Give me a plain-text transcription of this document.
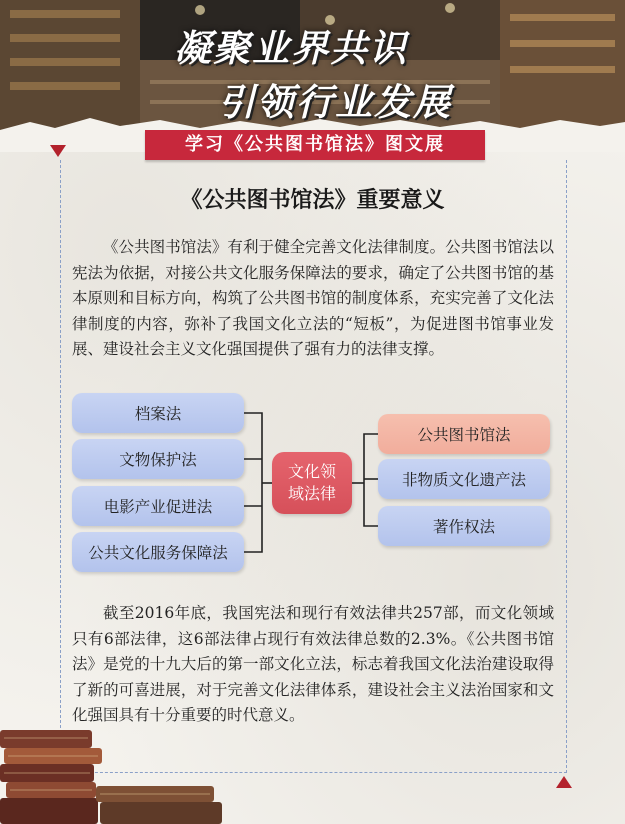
凝聚业界共识
引领行业发展
学习《公共图书馆法》图文展
《公共图书馆法》重要意义

《公共图书馆法》有利于健全完善文化法律制度。公共图书馆法以宪法为依据，对接公共文化服务保障法的要求，确定了公共图书馆的基本原则和目标方向，构筑了公共图书馆的制度体系，充实完善了文化法律制度的内容，弥补了我国文化立法的“短板”，为促进图书馆事业发展、建设社会主义文化强国提供了强有力的法律支撑。

档案法
文物保护法
电影产业促进法
公共文化服务保障法
文化领
域法律
公共图书馆法
非物质文化遗产法
著作权法

截至2016年底，我国宪法和现行有效法律共257部，而文化领域只有6部法律，这6部法律占现行有效法律总数的2.3%。《公共图书馆法》是党的十九大后的第一部文化立法，标志着我国文化法治建设取得了新的可喜进展，对于完善文化法律体系，建设社会主义法治国家和文化强国具有十分重要的时代意义。
